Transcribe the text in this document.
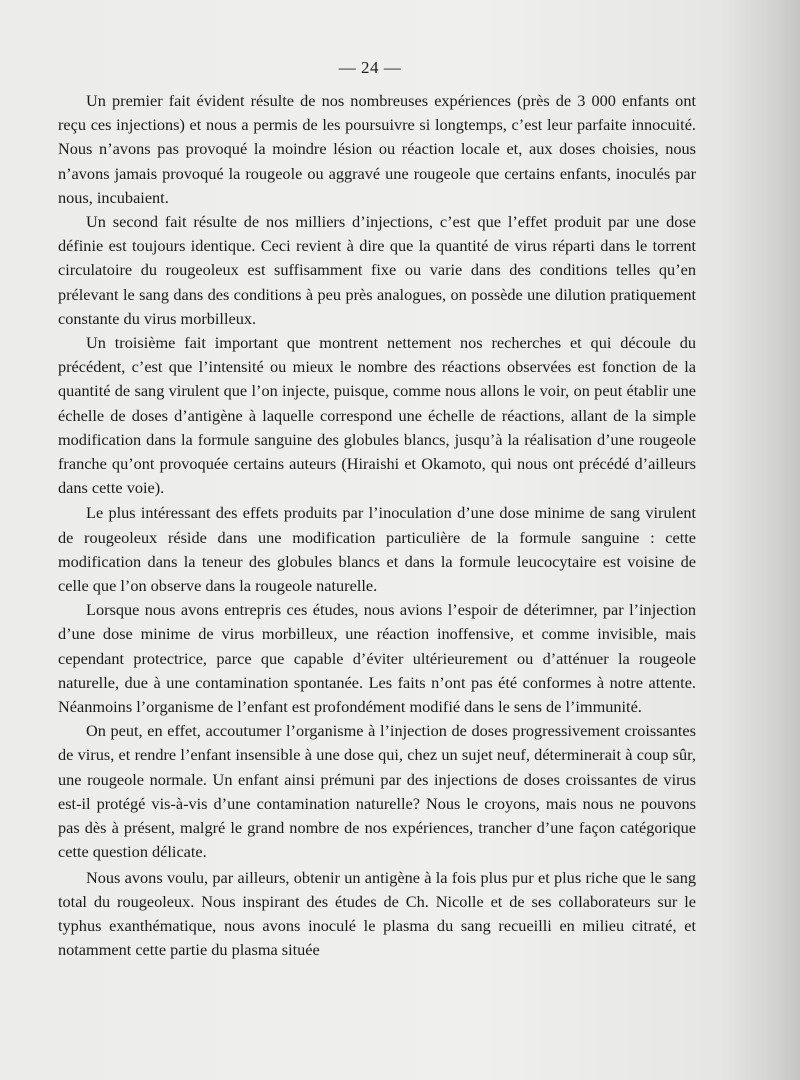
— 24 —

Un premier fait évident résulte de nos nombreuses expériences (près de 3 000 enfants ont reçu ces injections) et nous a permis de les poursuivre si longtemps, c’est leur parfaite innocuité. Nous n’avons pas provoqué la moindre lésion ou réaction locale et, aux doses choisies, nous n’avons jamais provoqué la rougeole ou aggravé une rougeole que certains enfants, inoculés par nous, incubaient.

Un second fait résulte de nos milliers d’injections, c’est que l’effet produit par une dose définie est toujours identique. Ceci revient à dire que la quantité de virus réparti dans le torrent circulatoire du rougeoleux est suffisamment fixe ou varie dans des conditions telles qu’en prélevant le sang dans des conditions à peu près analogues, on possède une dilution pratiquement constante du virus morbilleux.

Un troisième fait important que montrent nettement nos recherches et qui découle du précédent, c’est que l’intensité ou mieux le nombre des réactions observées est fonction de la quantité de sang virulent que l’on injecte, puisque, comme nous allons le voir, on peut établir une échelle de doses d’antigène à laquelle correspond une échelle de réactions, allant de la simple modification dans la formule sanguine des globules blancs, jusqu’à la réalisation d’une rougeole franche qu’ont provoquée certains auteurs (Hiraishi et Okamoto, qui nous ont précédé d’ailleurs dans cette voie).

Le plus intéressant des effets produits par l’inoculation d’une dose minime de sang virulent de rougeoleux réside dans une modification particulière de la formule sanguine : cette modification dans la teneur des globules blancs et dans la formule leucocytaire est voisine de celle que l’on observe dans la rougeole naturelle.

Lorsque nous avons entrepris ces études, nous avions l’espoir de déterimner, par l’injection d’une dose minime de virus morbilleux, une réaction inoffensive, et comme invisible, mais cependant protectrice, parce que capable d’éviter ultérieurement ou d’atténuer la rougeole naturelle, due à une contamination spontanée. Les faits n’ont pas été conformes à notre attente. Néanmoins l’organisme de l’enfant est profondément modifié dans le sens de l’immunité.

On peut, en effet, accoutumer l’organisme à l’injection de doses progressivement croissantes de virus, et rendre l’enfant insensible à une dose qui, chez un sujet neuf, déterminerait à coup sûr, une rougeole normale. Un enfant ainsi prémuni par des injections de doses croissantes de virus est-il protégé vis-à-vis d’une contamination naturelle? Nous le croyons, mais nous ne pouvons pas dès à présent, malgré le grand nombre de nos expériences, trancher d’une façon catégorique cette question délicate.

Nous avons voulu, par ailleurs, obtenir un antigène à la fois plus pur et plus riche que le sang total du rougeoleux. Nous inspirant des études de Ch. Nicolle et de ses collaborateurs sur le typhus exanthématique, nous avons inoculé le plasma du sang recueilli en milieu citraté, et notamment cette partie du plasma située
